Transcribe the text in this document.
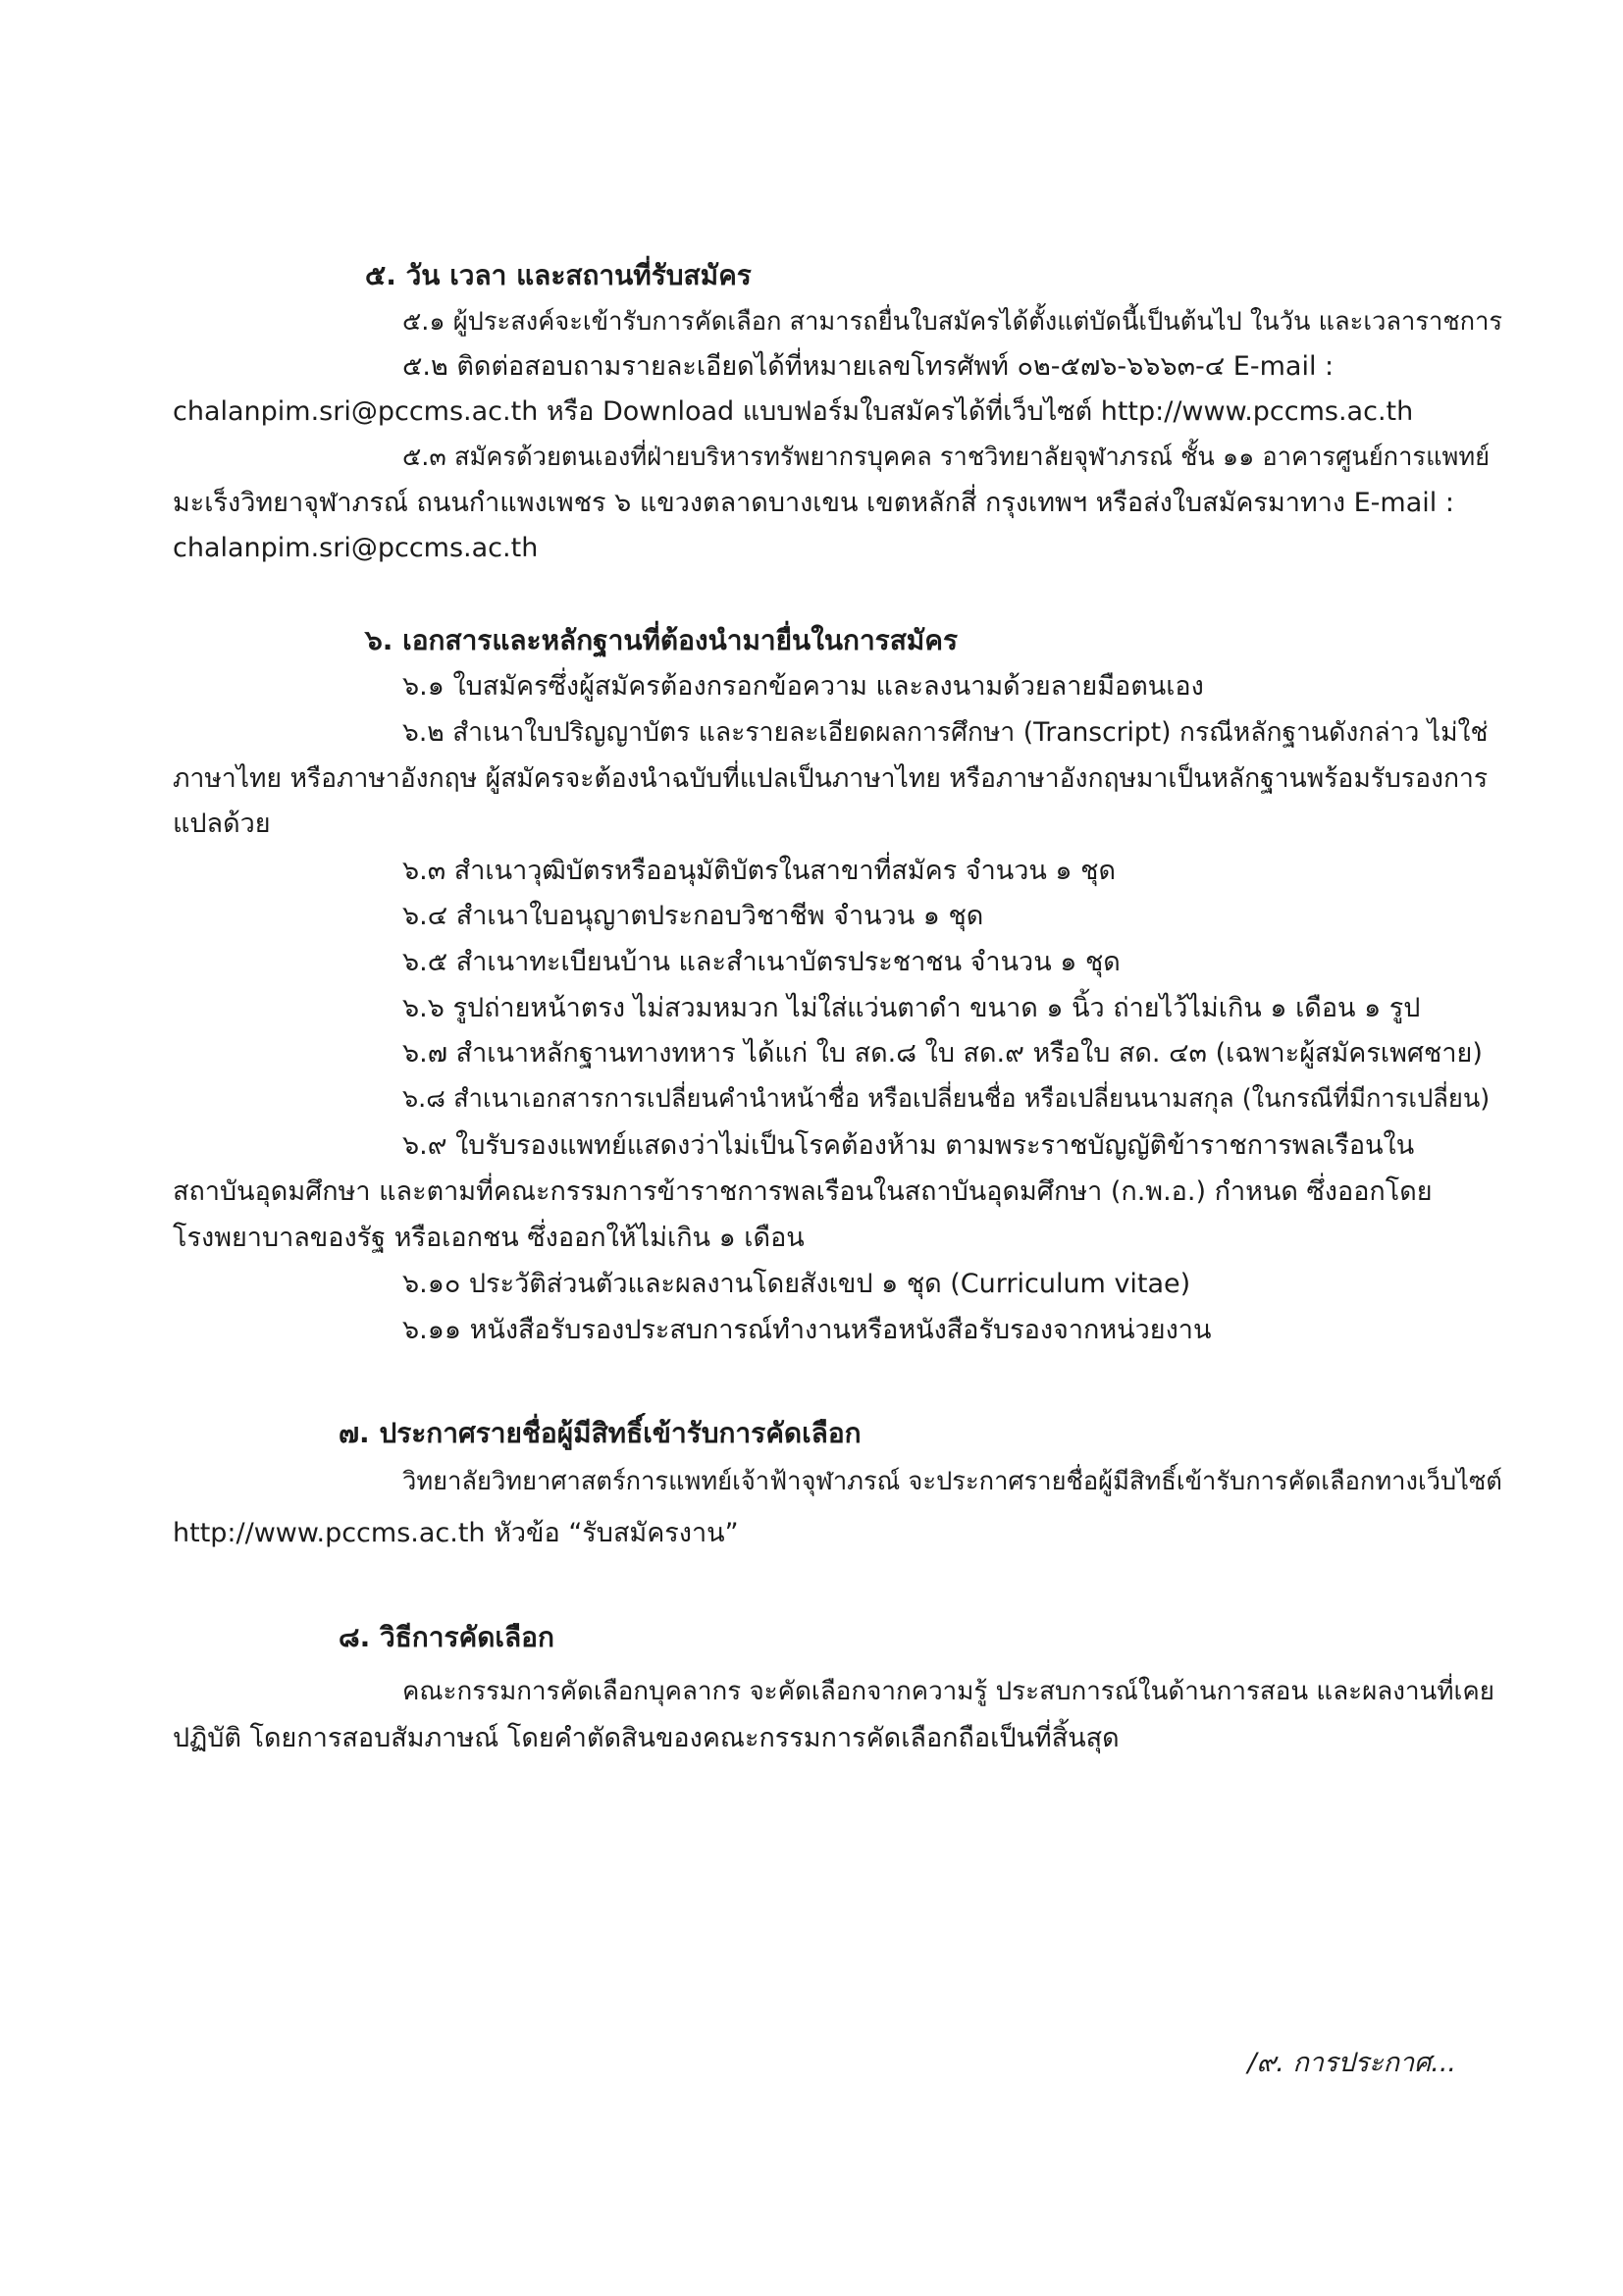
๕. วัน เวลา และสถานที่รับสมัคร
๕.๑ ผู้ประสงค์จะเข้ารับการคัดเลือก สามารถยื่นใบสมัครได้ตั้งแต่บัดนี้เป็นต้นไป ในวัน และเวลาราชการ
๕.๒ ติดต่อสอบถามรายละเอียดได้ที่หมายเลขโทรศัพท์ ๐๒-๕๗๖-๖๖๖๓-๔ E-mail :
chalanpim.sri@pccms.ac.th หรือ Download แบบฟอร์มใบสมัครได้ที่เว็บไซต์ http://www.pccms.ac.th
๕.๓ สมัครด้วยตนเองที่ฝ่ายบริหารทรัพยากรบุคคล ราชวิทยาลัยจุฬาภรณ์ ชั้น ๑๑ อาคารศูนย์การแพทย์
มะเร็งวิทยาจุฬาภรณ์ ถนนกำแพงเพชร ๖ แขวงตลาดบางเขน เขตหลักสี่ กรุงเทพฯ หรือส่งใบสมัครมาทาง E-mail :
chalanpim.sri@pccms.ac.th
๖. เอกสารและหลักฐานที่ต้องนำมายื่นในการสมัคร
๖.๑ ใบสมัครซึ่งผู้สมัครต้องกรอกข้อความ และลงนามด้วยลายมือตนเอง
๖.๒ สำเนาใบปริญญาบัตร และรายละเอียดผลการศึกษา (Transcript) กรณีหลักฐานดังกล่าว ไม่ใช่
ภาษาไทย หรือภาษาอังกฤษ ผู้สมัครจะต้องนำฉบับที่แปลเป็นภาษาไทย หรือภาษาอังกฤษมาเป็นหลักฐานพร้อมรับรองการ
แปลด้วย
๖.๓ สำเนาวุฒิบัตรหรืออนุมัติบัตรในสาขาที่สมัคร จำนวน ๑ ชุด
๖.๔ สำเนาใบอนุญาตประกอบวิชาชีพ จำนวน ๑ ชุด
๖.๕ สำเนาทะเบียนบ้าน และสำเนาบัตรประชาชน จำนวน ๑ ชุด
๖.๖ รูปถ่ายหน้าตรง ไม่สวมหมวก ไม่ใส่แว่นตาดำ ขนาด ๑ นิ้ว ถ่ายไว้ไม่เกิน ๑ เดือน ๑ รูป
๖.๗ สำเนาหลักฐานทางทหาร ได้แก่ ใบ สด.๘ ใบ สด.๙ หรือใบ สด. ๔๓ (เฉพาะผู้สมัครเพศชาย)
๖.๘ สำเนาเอกสารการเปลี่ยนคำนำหน้าชื่อ หรือเปลี่ยนชื่อ หรือเปลี่ยนนามสกุล (ในกรณีที่มีการเปลี่ยน)
๖.๙ ใบรับรองแพทย์แสดงว่าไม่เป็นโรคต้องห้าม ตามพระราชบัญญัติข้าราชการพลเรือนใน
สถาบันอุดมศึกษา และตามที่คณะกรรมการข้าราชการพลเรือนในสถาบันอุดมศึกษา (ก.พ.อ.) กำหนด ซึ่งออกโดย
โรงพยาบาลของรัฐ หรือเอกชน ซึ่งออกให้ไม่เกิน ๑ เดือน
๖.๑๐ ประวัติส่วนตัวและผลงานโดยสังเขป ๑ ชุด (Curriculum vitae)
๖.๑๑ หนังสือรับรองประสบการณ์ทำงานหรือหนังสือรับรองจากหน่วยงาน
๗. ประกาศรายชื่อผู้มีสิทธิ์เข้ารับการคัดเลือก
วิทยาลัยวิทยาศาสตร์การแพทย์เจ้าฟ้าจุฬาภรณ์ จะประกาศรายชื่อผู้มีสิทธิ์เข้ารับการคัดเลือกทางเว็บไซต์
http://www.pccms.ac.th หัวข้อ “รับสมัครงาน”
๘. วิธีการคัดเลือก
คณะกรรมการคัดเลือกบุคลากร จะคัดเลือกจากความรู้ ประสบการณ์ในด้านการสอน และผลงานที่เคย
ปฏิบัติ โดยการสอบสัมภาษณ์ โดยคำตัดสินของคณะกรรมการคัดเลือกถือเป็นที่สิ้นสุด
/๙. การประกาศ...
